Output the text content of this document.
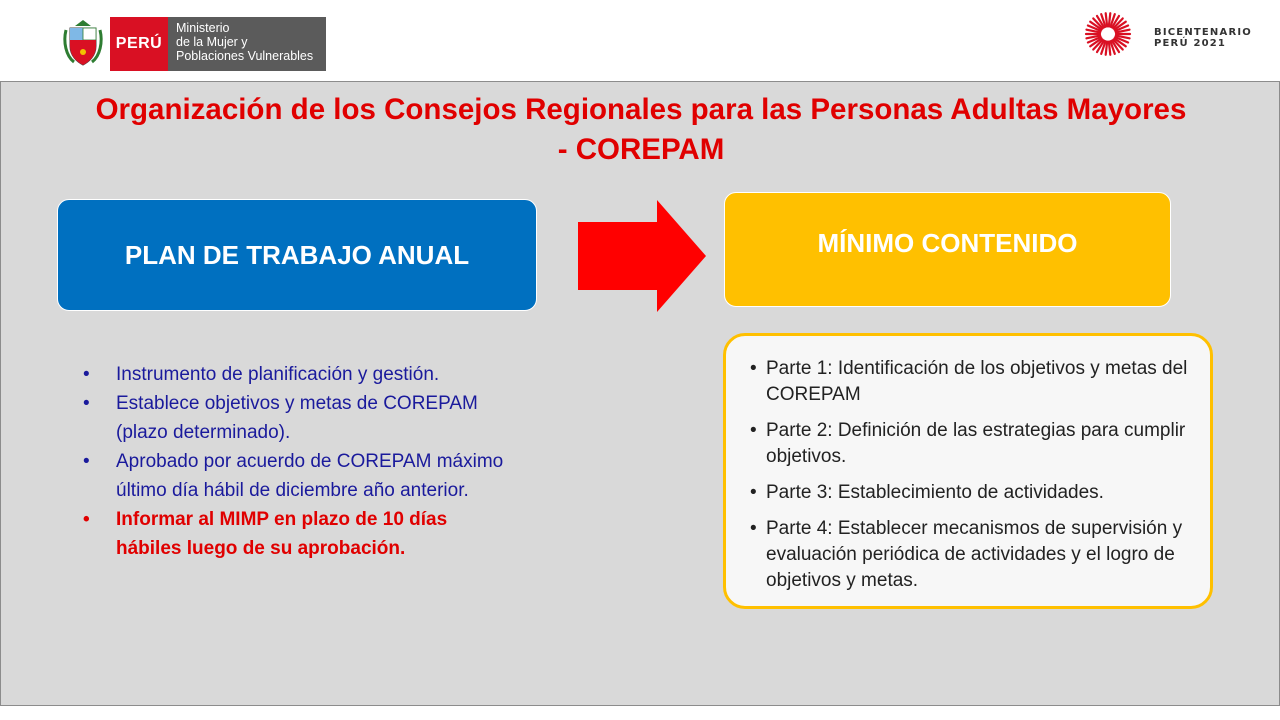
PERÚ
Ministerio
de la Mujer y
Poblaciones Vulnerables
BICENTENARIO
PERÚ 2021
Organización de los Consejos Regionales para las Personas Adultas Mayores
- COREPAM
PLAN DE TRABAJO ANUAL	MÍNIMO CONTENIDO
• Instrumento de planificación y gestión.
• Establece objetivos y metas de COREPAM (plazo determinado).
• Aprobado por acuerdo de COREPAM máximo último día hábil de diciembre año anterior.
• Informar al MIMP en plazo de 10 días hábiles luego de su aprobación.
• Parte 1: Identificación de los objetivos y metas del COREPAM
• Parte 2: Definición de las estrategias para cumplir objetivos.
• Parte 3: Establecimiento de actividades.
• Parte 4: Establecer mecanismos de supervisión y evaluación periódica de actividades y el logro de objetivos y metas.
